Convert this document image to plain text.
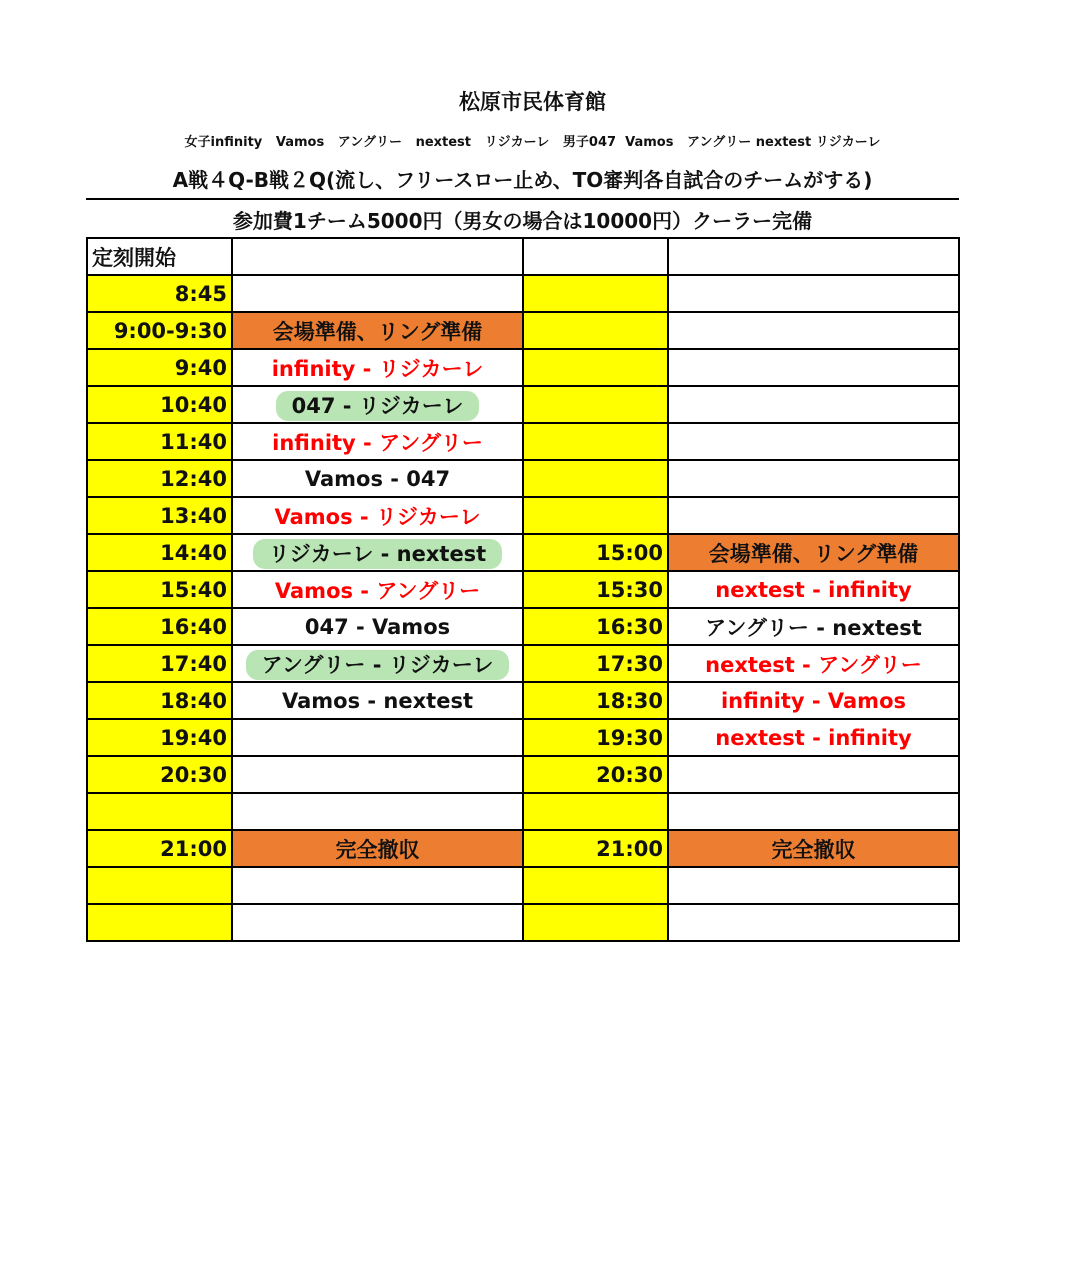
松原市民体育館
女子infinity   Vamos   アングリー   nextest   リジカーレ   男子047  Vamos   アングリー nextest リジカーレ
A戦４Q-B戦２Q(流し、フリースロー止め、TO審判各自試合のチームがする)
参加費1チーム5000円（男女の場合は10000円）クーラー完備
定刻開始			
8:45			
9:00-9:30	会場準備、リング準備		
9:40	infinity - リジカーレ		
10:40	047 - リジカーレ		
11:40	infinity - アングリー		
12:40	Vamos - 047		
13:40	Vamos - リジカーレ		
14:40	リジカーレ - nextest	15:00	会場準備、リング準備
15:40	Vamos - アングリー	15:30	nextest - infinity
16:40	047 - Vamos	16:30	アングリー - nextest
17:40	アングリー - リジカーレ	17:30	nextest - アングリー
18:40	Vamos - nextest	18:30	infinity - Vamos
19:40		19:30	nextest - infinity
20:30		20:30	

21:00	完全撤収	21:00	完全撤収
